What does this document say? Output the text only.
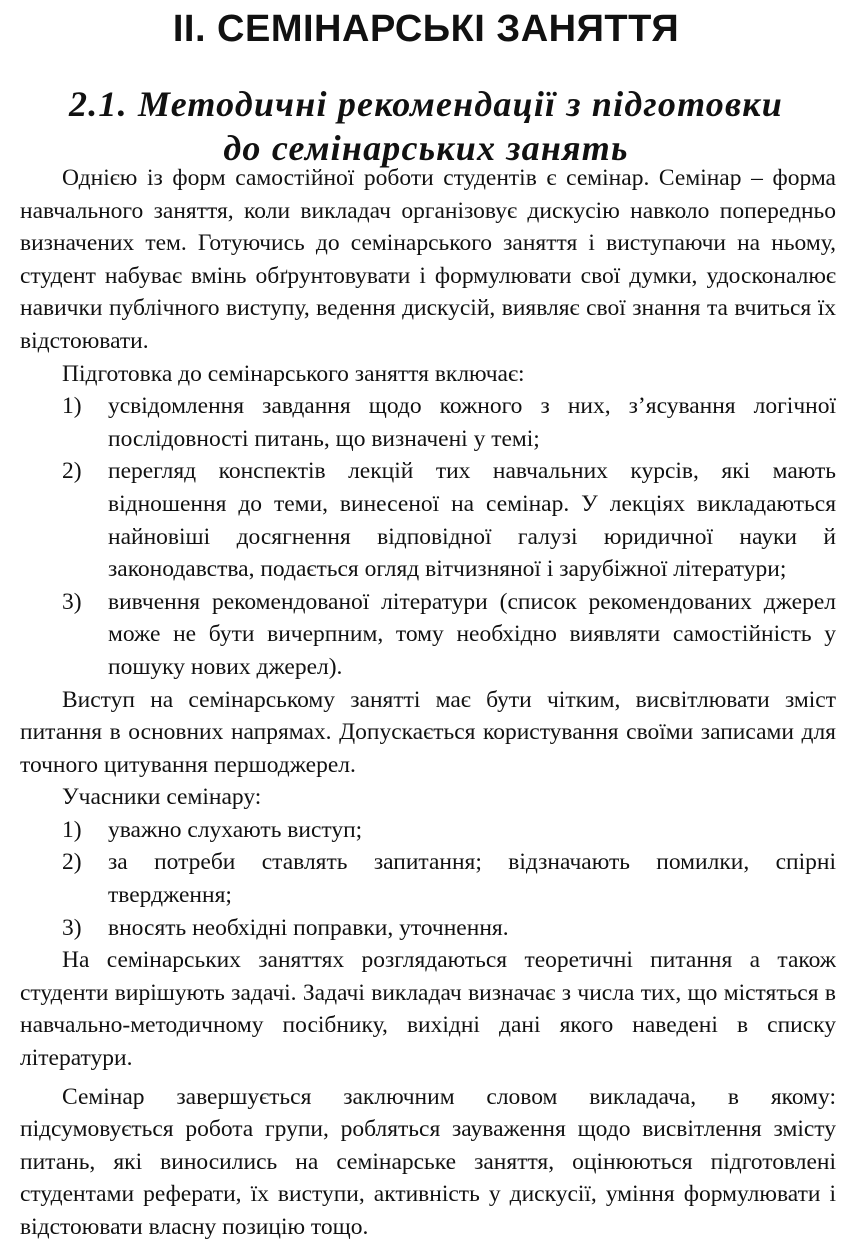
II. СЕМІНАРСЬКІ ЗАНЯТТЯ
2.1. Методичні рекомендації з підготовки
до семінарських занять

Однією із форм самостійної роботи студентів є семінар. Семінар – форма навчального заняття, коли викладач організовує дискусію навколо попередньо визначених тем. Готуючись до семінарського заняття і виступаючи на ньому, студент набуває вмінь обґрунтовувати і формулювати свої думки, удосконалює навички публічного виступу, ведення дискусій, виявляє свої знання та вчиться їх відстоювати.

Підготовка до семінарського заняття включає:

1) усвідомлення завдання щодо кожного з них, з’ясування логічної послідовності питань, що визначені у темі;
2) перегляд конспектів лекцій тих навчальних курсів, які мають відношення до теми, винесеної на семінар. У лекціях викладаються найновіші досягнення відповідної галузі юридичної науки й законодавства, подається огляд вітчизняної і зарубіжної літератури;
3) вивчення рекомендованої літератури (список рекомендованих джерел може не бути вичерпним, тому необхідно виявляти самостійність у пошуку нових джерел).

Виступ на семінарському занятті має бути чітким, висвітлювати зміст питання в основних напрямах. Допускається користування своїми записами для точного цитування першоджерел.

Учасники семінару:

1) уважно слухають виступ;
2) за потреби ставлять запитання; відзначають помилки, спірні твердження;
3) вносять необхідні поправки, уточнення.

На семінарських заняттях розглядаються теоретичні питання а також студенти вирішують задачі. Задачі викладач визначає з числа тих, що містяться в навчально-методичному посібнику, вихідні дані якого наведені в списку літератури.

Семінар завершується заключним словом викладача, в якому: підсумовується робота групи, робляться зауваження щодо висвітлення змісту питань, які виносились на семінарське заняття, оцінюються підготовлені студентами реферати, їх виступи, активність у дискусії, уміння формулювати і відстоювати власну позицію тощо.
